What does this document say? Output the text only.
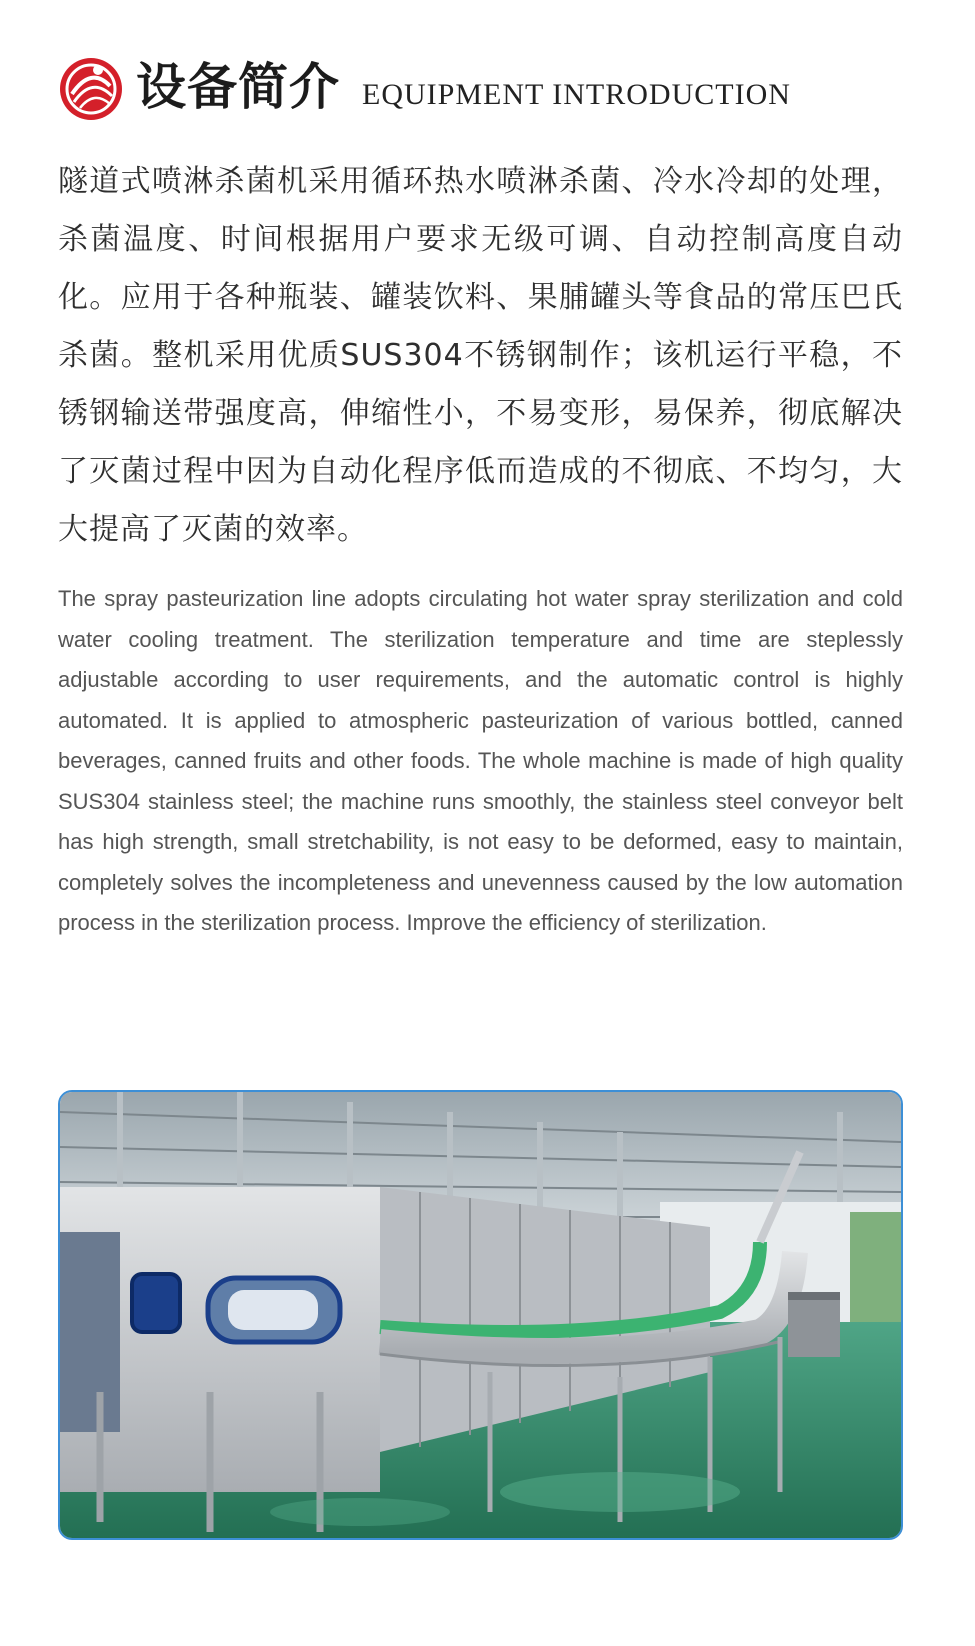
设备简介 EQUIPMENT INTRODUCTION
隧道式喷淋杀菌机采用循环热水喷淋杀菌、冷水冷却的处理，杀菌温度、时间根据用户要求无级可调、自动控制高度自动化。应用于各种瓶装、罐装饮料、果脯罐头等食品的常压巴氏杀菌。整机采用优质SUS304不锈钢制作；该机运行平稳，不锈钢输送带强度高，伸缩性小，不易变形，易保养，彻底解决了灭菌过程中因为自动化程序低而造成的不彻底、不均匀，大大提高了灭菌的效率。
The spray pasteurization line adopts circulating hot water spray sterilization and cold water cooling treatment. The sterilization temperature and time are steplessly adjustable according to user requirements, and the automatic control is highly automated. It is applied to atmospheric pasteurization of various bottled, canned beverages, canned fruits and other foods. The whole machine is made of high quality SUS304 stainless steel; the machine runs smoothly, the stainless steel conveyor belt has high strength, small stretchability, is not easy to be deformed, easy to maintain, completely solves the incompleteness and unevenness caused by the low automation process in the sterilization process. Improve the efficiency of sterilization.
